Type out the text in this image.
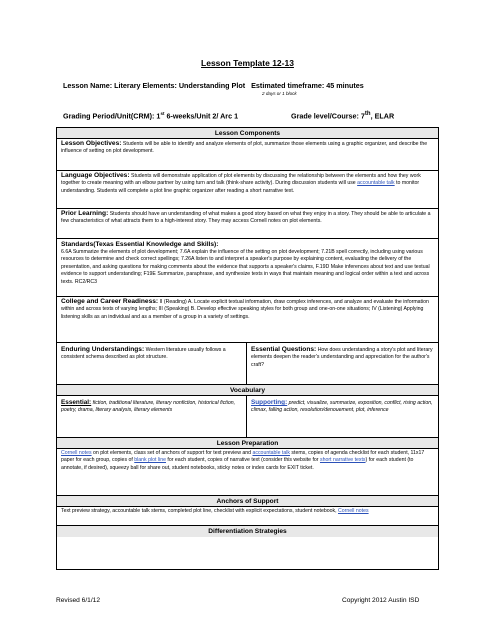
Lesson Template 12-13
Lesson Name: Literary Elements: Understanding Plot Estimated timeframe: 45 minutes
2 days or 1 block
Grading Period/Unit(CRM): 1st 6-weeks/Unit 2/ Arc 1	Grade level/Course: 7th, ELAR
Lesson Components
Lesson Objectives: Students will be able to identify and analyze elements of plot, summarize those elements using a graphic organizer, and describe the influence of setting on plot development.
Language Objectives: Students will demonstrate application of plot elements by discussing the relationship between the elements and how they work together to create meaning with an elbow partner by using turn and talk (think-share activity). During discussion students will use accountable talk to monitor understanding. Students will complete a plot line graphic organizer after reading a short narrative text.
Prior Learning: Students should have an understanding of what makes a good story based on what they enjoy in a story. They should be able to articulate a few characteristics of what attracts them to a high-interest story. They may access Cornell notes on plot elements.
Standards(Texas Essential Knowledge and Skills):
6.6A Summarize the elements of plot development; 7.6A explain the influence of the setting on plot development; 7.21B spell correctly, including using various resources to determine and check correct spellings; 7.26A listen to and interpret a speaker's purpose by explaining content, evaluating the delivery of the presentation, and asking questions for making comments about the evidence that supports a speaker's claims, F.19D Make inferences about text and use textual evidence to support understanding; F19E Summarize, paraphrase, and synthesize texts in ways that maintain meaning and logical order within a text and across texts. RC2/RC3
College and Career Readiness: II (Reading) A. Locate explicit textual information, draw complex inferences, and analyze and evaluate the information within and across texts of varying lengths; III (Speaking) B. Develop effective speaking styles for both group and one-on-one situations; IV (Listening) Applying listening skills as an individual and as a member of a group in a variety of settings.
Enduring Understandings: Western literature usually follows a consistent schema described as plot structure.
Essential Questions: How does understanding a story's plot and literary elements deepen the reader's understanding and appreciation for the author's craft?
Vocabulary
Essential: fiction, traditional literature, literary nonfiction, historical fiction, poetry, drama, literary analysis, literary elements
Supporting: predict, visualize, summarize, exposition, conflict, rising action, climax, falling action, resolution/denouement, plot, inference
Lesson Preparation
Cornell notes on plot elements, class set of anchors of support for text preview and accountable talk stems, copies of agenda checklist for each student, 11x17 paper for each group, copies of blank plot line for each student, copies of narrative text (consider this website for short narrative texts) for each student (to annotate, if desired), squeezy ball for share out, student notebooks, sticky notes or index cards for EXIT ticket.
Anchors of Support
Text preview strategy, accountable talk stems, completed plot line, checklist with explicit expectations, student notebook, Cornell notes
Differentiation Strategies
Revised 6/1/12	Copyright 2012 Austin ISD
